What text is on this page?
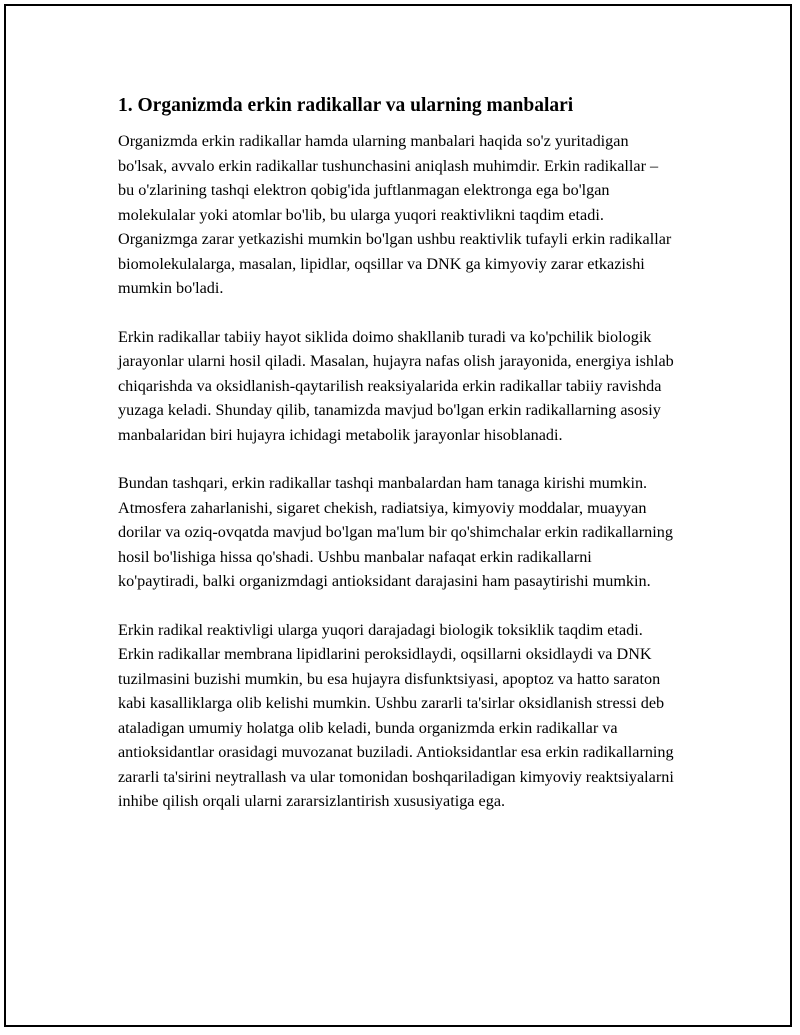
1. Organizmda erkin radikallar va ularning manbalari

Organizmda erkin radikallar hamda ularning manbalari haqida so'z yuritadigan bo'lsak, avvalo erkin radikallar tushunchasini aniqlash muhimdir. Erkin radikallar – bu o'zlarining tashqi elektron qobig'ida juftlanmagan elektronga ega bo'lgan molekulalar yoki atomlar bo'lib, bu ularga yuqori reaktivlikni taqdim etadi. Organizmga zarar yetkazishi mumkin bo'lgan ushbu reaktivlik tufayli erkin radikallar biomolekulalarga, masalan, lipidlar, oqsillar va DNK ga kimyoviy zarar etkazishi mumkin bo'ladi.

Erkin radikallar tabiiy hayot siklida doimo shakllanib turadi va ko'pchilik biologik jarayonlar ularni hosil qiladi. Masalan, hujayra nafas olish jarayonida, energiya ishlab chiqarishda va oksidlanish-qaytarilish reaksiyalarida erkin radikallar tabiiy ravishda yuzaga keladi. Shunday qilib, tanamizda mavjud bo'lgan erkin radikallarning asosiy manbalaridan biri hujayra ichidagi metabolik jarayonlar hisoblanadi.

Bundan tashqari, erkin radikallar tashqi manbalardan ham tanaga kirishi mumkin. Atmosfera zaharlanishi, sigaret chekish, radiatsiya, kimyoviy moddalar, muayyan dorilar va oziq-ovqatda mavjud bo'lgan ma'lum bir qo'shimchalar erkin radikallarning hosil bo'lishiga hissa qo'shadi. Ushbu manbalar nafaqat erkin radikallarni ko'paytiradi, balki organizmdagi antioksidant darajasini ham pasaytirishi mumkin.

Erkin radikal reaktivligi ularga yuqori darajadagi biologik toksiklik taqdim etadi. Erkin radikallar membrana lipidlarini peroksidlaydi, oqsillarni oksidlaydi va DNK tuzilmasini buzishi mumkin, bu esa hujayra disfunktsiyasi, apoptoz va hatto saraton kabi kasalliklarga olib kelishi mumkin. Ushbu zararli ta'sirlar oksidlanish stressi deb ataladigan umumiy holatga olib keladi, bunda organizmda erkin radikallar va antioksidantlar orasidagi muvozanat buziladi. Antioksidantlar esa erkin radikallarning zararli ta'sirini neytrallash va ular tomonidan boshqariladigan kimyoviy reaktsiyalarni inhibe qilish orqali ularni zararsizlantirish xususiyatiga ega.
